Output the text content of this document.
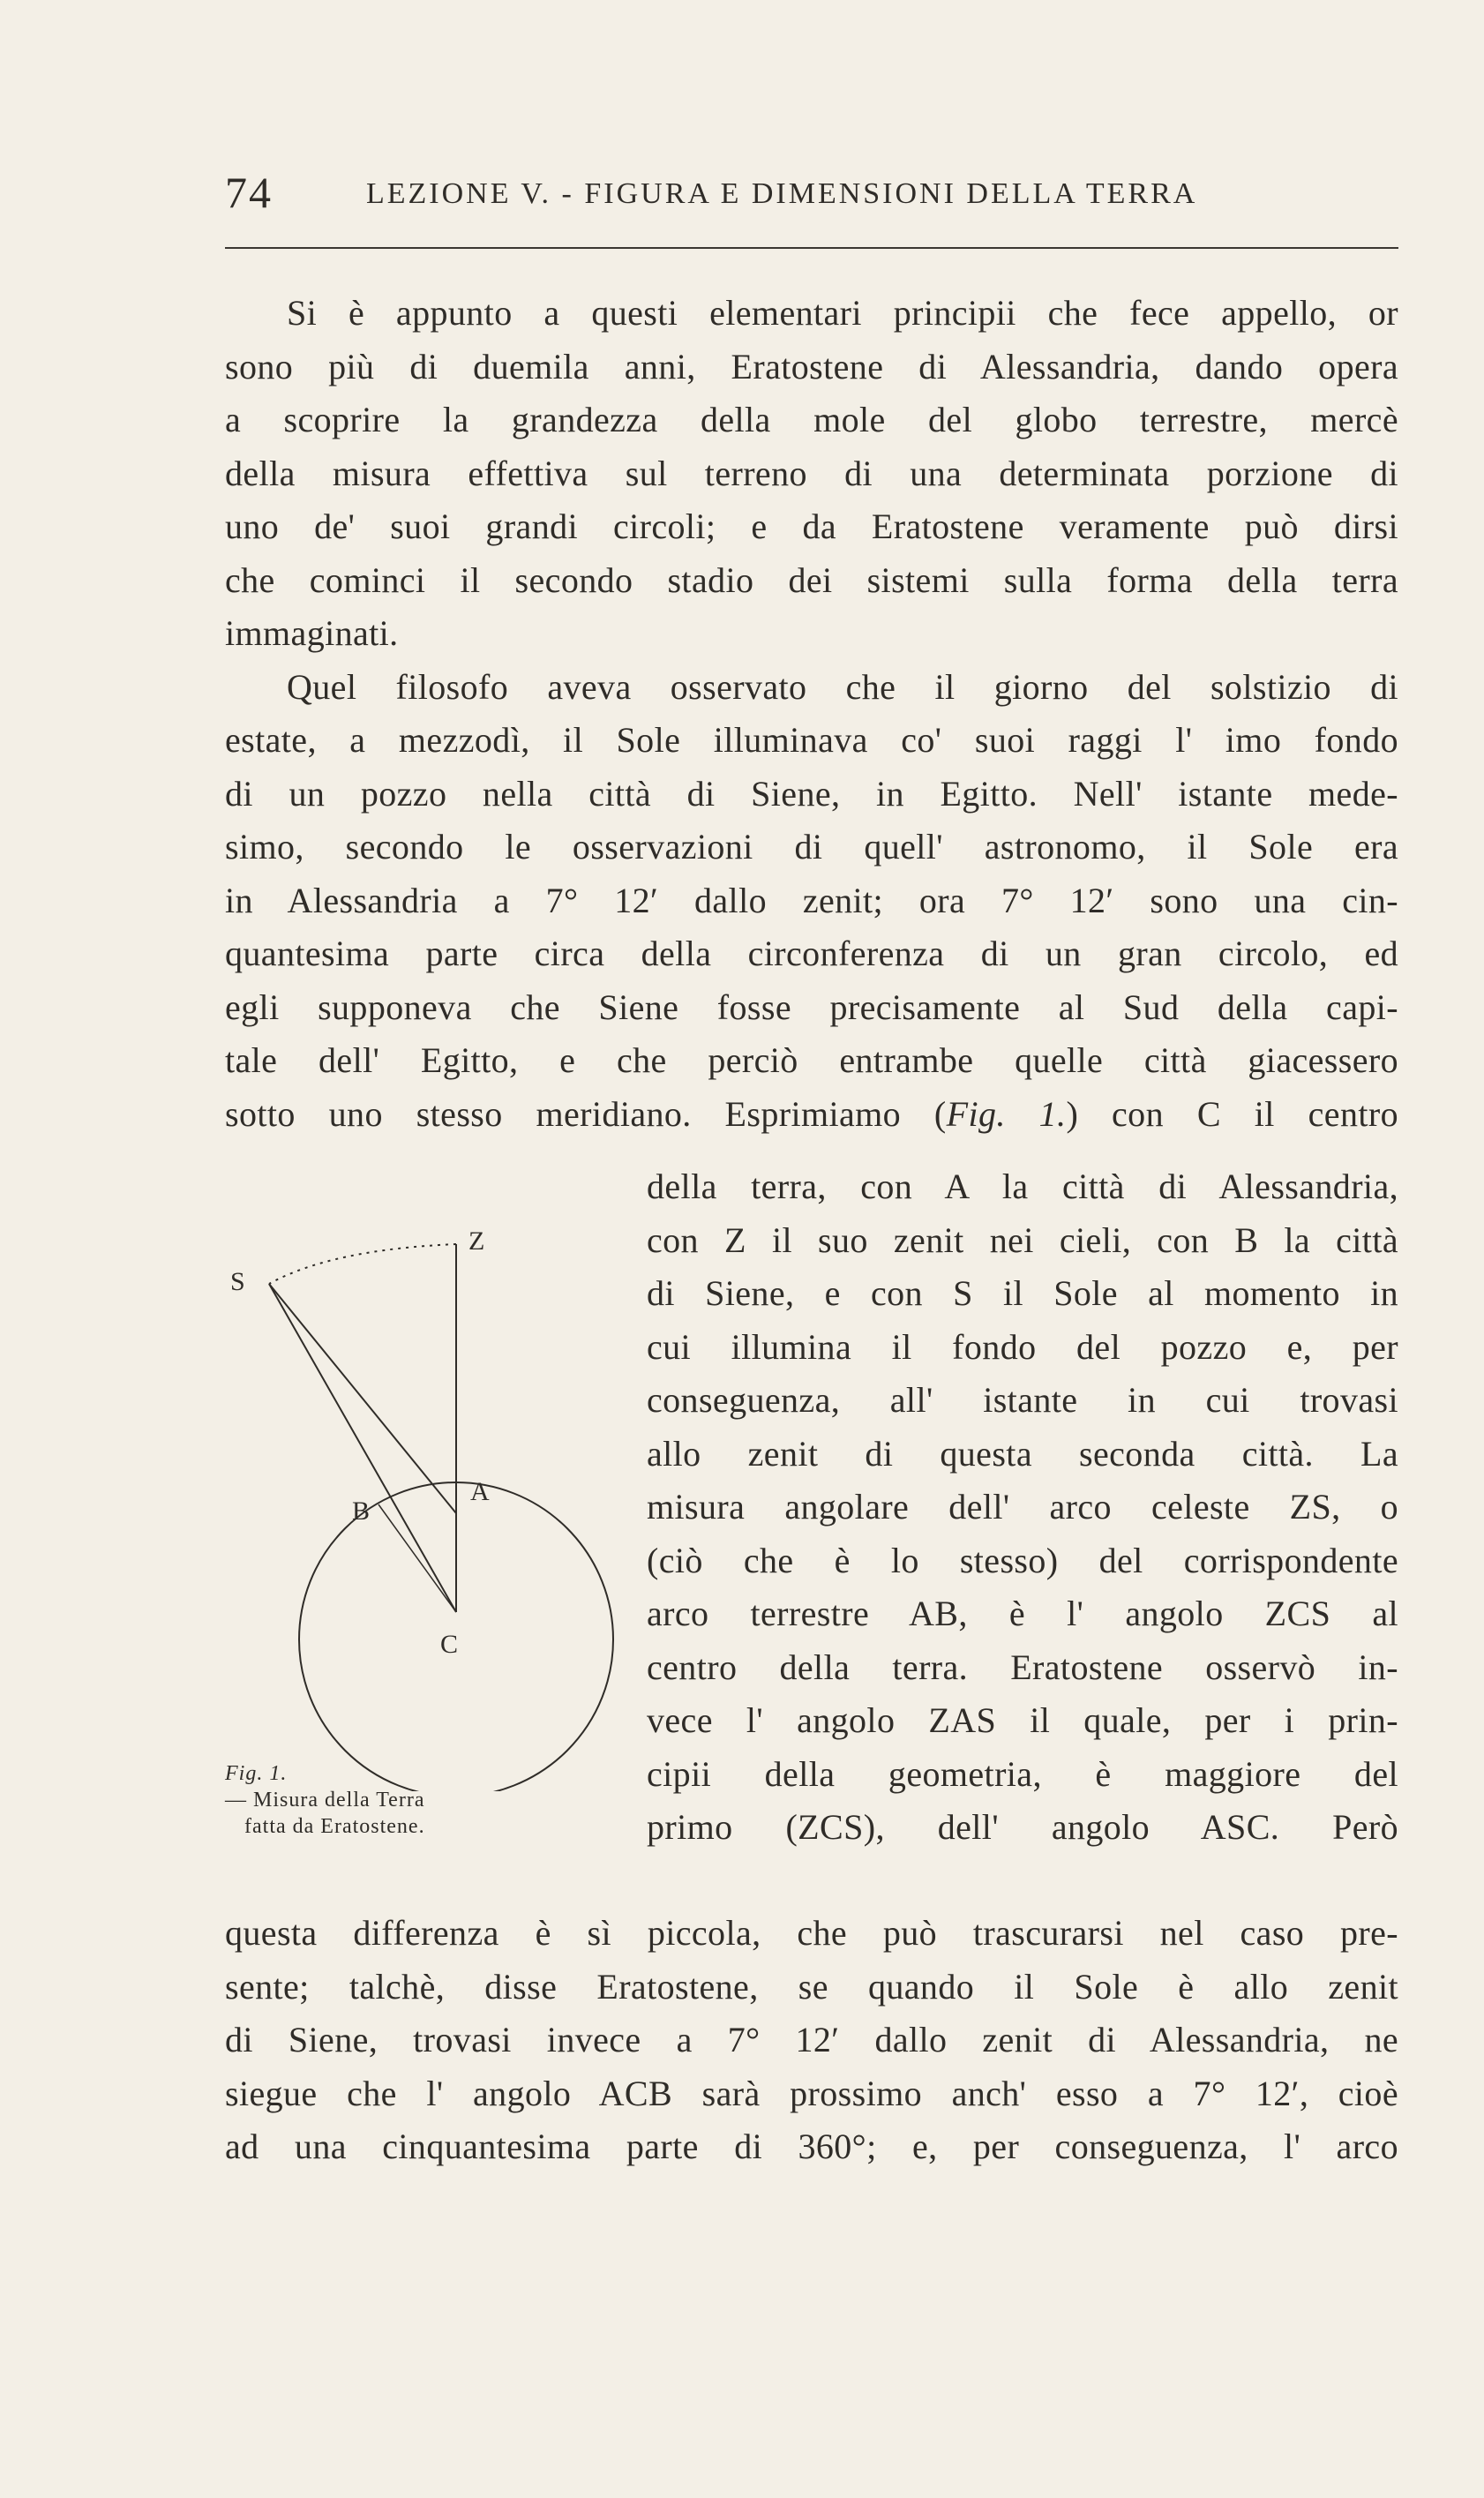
74	LEZIONE V. - FIGURA E DIMENSIONI DELLA TERRA
Si è appunto a questi elementari principii che fece appello, or
sono più di duemila anni, Eratostene di Alessandria, dando opera
a scoprire la grandezza della mole del globo terrestre, mercè
della misura effettiva sul terreno di una determinata porzione di
uno de' suoi grandi circoli; e da Eratostene veramente può dirsi
che cominci il secondo stadio dei sistemi sulla forma della terra
immaginati.
Quel filosofo aveva osservato che il giorno del solstizio di
estate, a mezzodì, il Sole illuminava co' suoi raggi l' imo fondo
di un pozzo nella città di Siene, in Egitto. Nell' istante mede-
simo, secondo le osservazioni di quell' astronomo, il Sole era
in Alessandria a 7° 12′ dallo zenit; ora 7° 12′ sono una cin-
quantesima parte circa della circonferenza di un gran circolo, ed
egli supponeva che Siene fosse precisamente al Sud della capi-
tale dell' Egitto, e che perciò entrambe quelle città giacessero
sotto uno stesso meridiano. Esprimiamo (Fig. 1.) con C il centro
della terra, con A la città di Alessandria,
con Z il suo zenit nei cieli, con B la città
di Siene, e con S il Sole al momento in
cui illumina il fondo del pozzo e, per
conseguenza, all' istante in cui trovasi
allo zenit di questa seconda città. La
misura angolare dell' arco celeste ZS, o
(ciò che è lo stesso) del corrispondente
arco terrestre AB, è l' angolo ZCS al
centro della terra. Eratostene osservò in-
vece l' angolo ZAS il quale, per i prin-
cipii della geometria, è maggiore del
primo (ZCS), dell' angolo ASC. Però
Z
S
A
B
C
Fig. 1.
— Misura della Terra
fatta da Eratostene.
questa differenza è sì piccola, che può trascurarsi nel caso pre-
sente; talchè, disse Eratostene, se quando il Sole è allo zenit
di Siene, trovasi invece a 7° 12′ dallo zenit di Alessandria, ne
siegue che l' angolo ACB sarà prossimo anch' esso a 7° 12′, cioè
ad una cinquantesima parte di 360°; e, per conseguenza, l' arco
